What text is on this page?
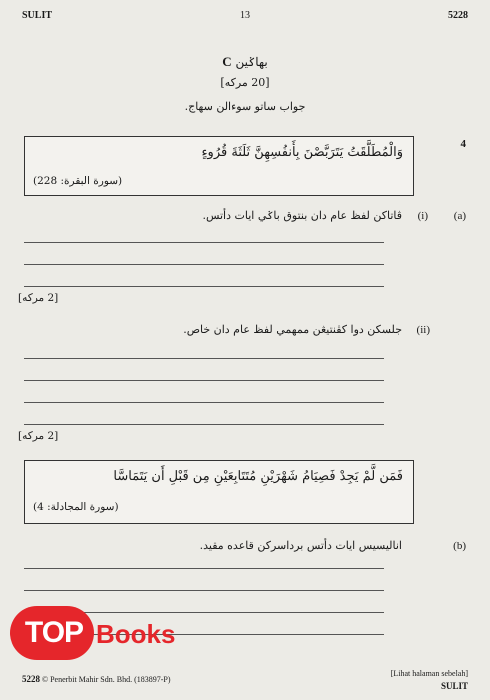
SULIT	13	5228
بهاݢين C
[20 مركه]
جواب ساتو سوءالن سهاج.
4
وَالْمُطَلَّقَتُ يَتَرَبَّصْنَ بِأَنفُسِهِنَّ ثَلَثَةَ قُرُوءٍ
(سورة البقرة: 228)
(a)
(i)
ڤاتاكن لفظ عام دان بنتوق باݢي ايات دأتس.
[2 مركه]
(ii)
جلسكن دوا كڤنتيڠن ممهمي لفظ عام دان خاص.
[2 مركه]
فَمَن لَّمْ يَجِدْ فَصِيَامُ شَهْرَيْنِ مُتَتَابِعَيْنِ مِن قَبْلِ أَن يَتَمَاسَّا
(سورة المجادلة: 4)
(b)
اناليسيس ايات دأتس برداسرکن قاعده مقيد.
TOP Books
5228 © Penerbit Mahir Sdn. Bhd. (183897-P)
[Lihat halaman sebelah]
SULIT
